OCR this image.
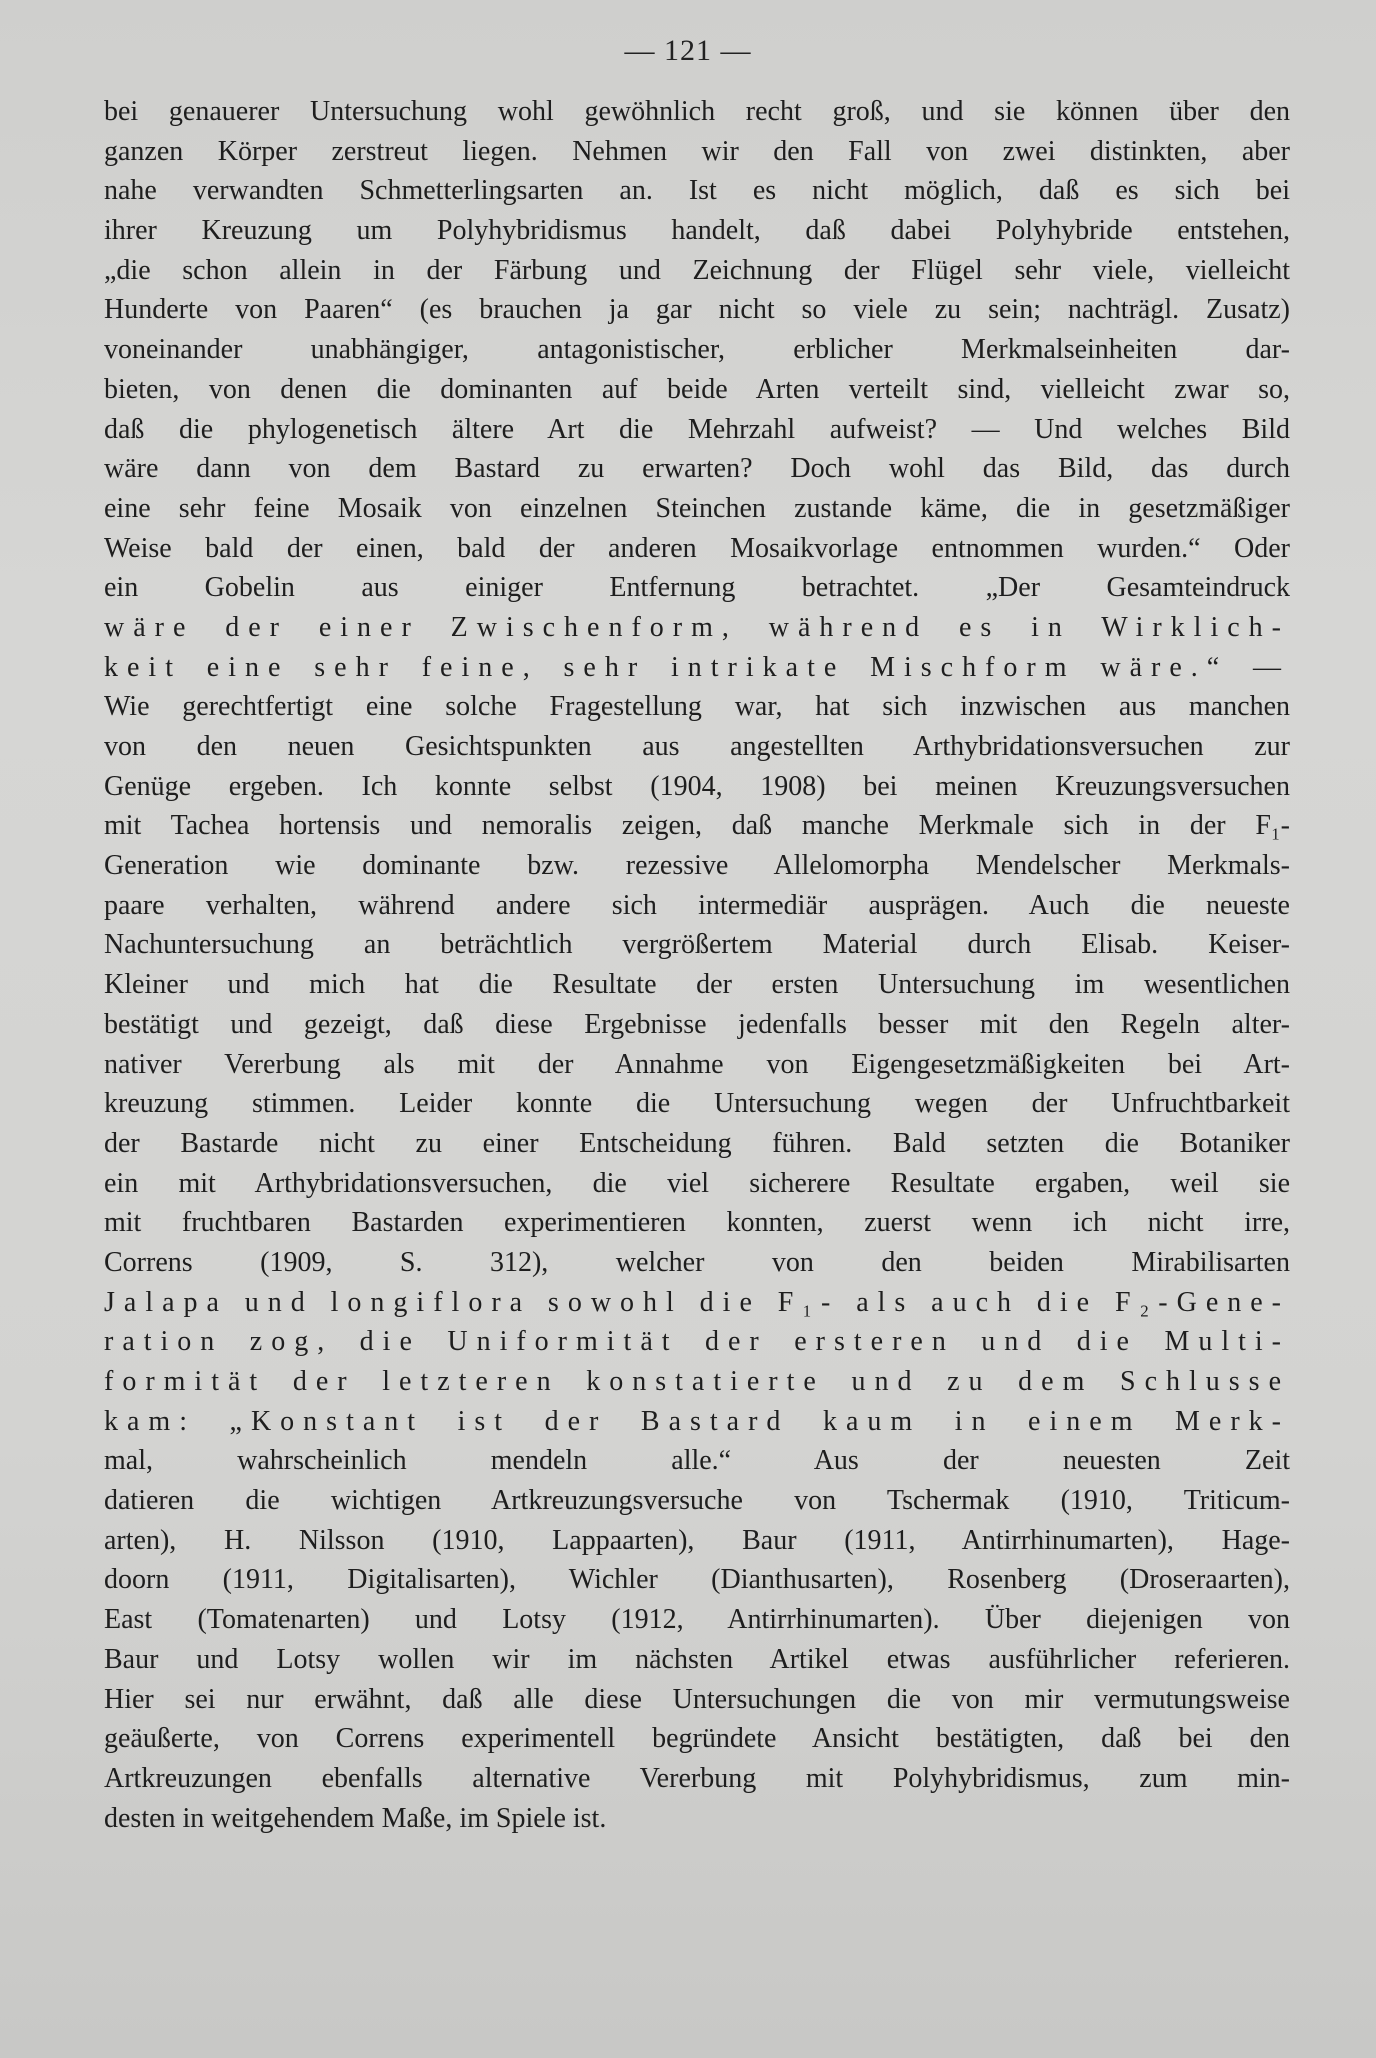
— 121 —
bei genauerer Untersuchung wohl gewöhnlich recht groß, und sie können über den
ganzen Körper zerstreut liegen. Nehmen wir den Fall von zwei distinkten, aber
nahe verwandten Schmetterlingsarten an. Ist es nicht möglich, daß es sich bei
ihrer Kreuzung um Polyhybridismus handelt, daß dabei Polyhybride entstehen,
„die schon allein in der Färbung und Zeichnung der Flügel sehr viele, vielleicht
Hunderte von Paaren“ (es brauchen ja gar nicht so viele zu sein; nachträgl. Zusatz)
voneinander unabhängiger, antagonistischer, erblicher Merkmalseinheiten dar-
bieten, von denen die dominanten auf beide Arten verteilt sind, vielleicht zwar so,
daß die phylogenetisch ältere Art die Mehrzahl aufweist? — Und welches Bild
wäre dann von dem Bastard zu erwarten? Doch wohl das Bild, das durch
eine sehr feine Mosaik von einzelnen Steinchen zustande käme, die in gesetzmäßiger
Weise bald der einen, bald der anderen Mosaikvorlage entnommen wurden.“ Oder
ein Gobelin aus einiger Entfernung betrachtet. „Der Gesamteindruck
wäre der einer Zwischenform, während es in Wirklich-
keit eine sehr feine, sehr intrikate Mischform wäre.“ —
Wie gerechtfertigt eine solche Fragestellung war, hat sich inzwischen aus manchen
von den neuen Gesichtspunkten aus angestellten Arthybridationsversuchen zur
Genüge ergeben. Ich konnte selbst (1904, 1908) bei meinen Kreuzungsversuchen
mit Tachea hortensis und nemoralis zeigen, daß manche Merkmale sich in der F₁-
Generation wie dominante bzw. rezessive Allelomorpha Mendelscher Merkmals-
paare verhalten, während andere sich intermediär ausprägen. Auch die neueste
Nachuntersuchung an beträchtlich vergrößertem Material durch Elisab. Keiser-
Kleiner und mich hat die Resultate der ersten Untersuchung im wesentlichen
bestätigt und gezeigt, daß diese Ergebnisse jedenfalls besser mit den Regeln alter-
nativer Vererbung als mit der Annahme von Eigengesetzmäßigkeiten bei Art-
kreuzung stimmen. Leider konnte die Untersuchung wegen der Unfruchtbarkeit
der Bastarde nicht zu einer Entscheidung führen. Bald setzten die Botaniker
ein mit Arthybridationsversuchen, die viel sicherere Resultate ergaben, weil sie
mit fruchtbaren Bastarden experimentieren konnten, zuerst wenn ich nicht irre,
Correns (1909, S. 312), welcher von den beiden Mirabilisarten
Jalapa und longiflora sowohl die F₁- als auch die F₂-Gene-
ration zog, die Uniformität der ersteren und die Multi-
formität der letzteren konstatierte und zu dem Schlusse
kam: „Konstant ist der Bastard kaum in einem Merk-
mal, wahrscheinlich mendeln alle.“ Aus der neuesten Zeit
datieren die wichtigen Artkreuzungsversuche von Tschermak (1910, Triticum-
arten), H. Nilsson (1910, Lappaarten), Baur (1911, Antirrhinumarten), Hage-
doorn (1911, Digitalisarten), Wichler (Dianthusarten), Rosenberg (Droseraarten),
East (Tomatenarten) und Lotsy (1912, Antirrhinumarten). Über diejenigen von
Baur und Lotsy wollen wir im nächsten Artikel etwas ausführlicher referieren.
Hier sei nur erwähnt, daß alle diese Untersuchungen die von mir vermutungsweise
geäußerte, von Correns experimentell begründete Ansicht bestätigten, daß bei den
Artkreuzungen ebenfalls alternative Vererbung mit Polyhybridismus, zum min-
desten in weitgehendem Maße, im Spiele ist.
